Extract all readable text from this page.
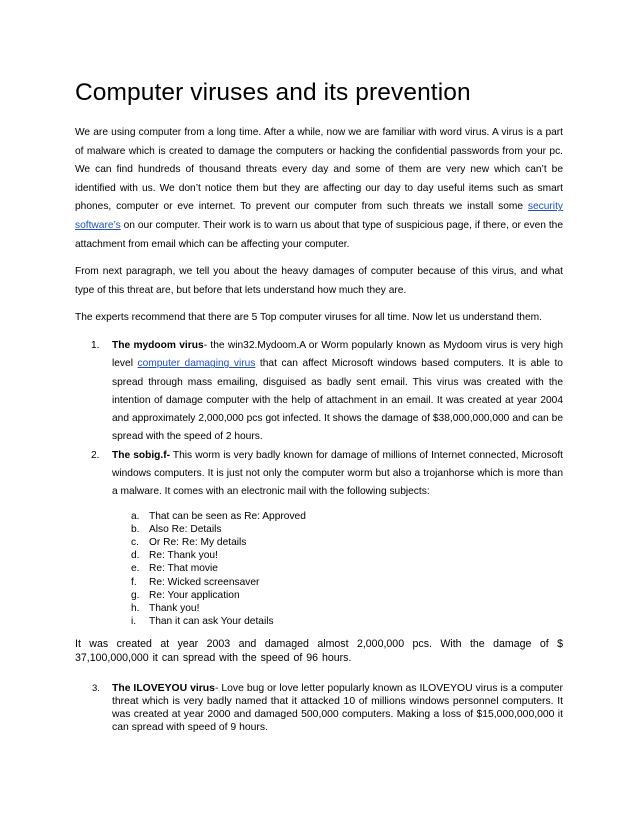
Computer viruses and its prevention

We are using computer from a long time. After a while, now we are familiar with word virus. A virus is a part of malware which is created to damage the computers or hacking the confidential passwords from your pc. We can find hundreds of thousand threats every day and some of them are very new which can’t be identified with us. We don’t notice them but they are affecting our day to day useful items such as smart phones, computer or eve internet. To prevent our computer from such threats we install some security software’s on our computer. Their work is to warn us about that type of suspicious page, if there, or even the attachment from email which can be affecting your computer.

From next paragraph, we tell you about the heavy damages of computer because of this virus, and what type of this threat are, but before that lets understand how much they are.

The experts recommend that there are 5 Top computer viruses for all time. Now let us understand them.

1. The mydoom virus- the win32.Mydoom.A or Worm popularly known as Mydoom virus is very high level computer damaging virus that can affect Microsoft windows based computers. It is able to spread through mass emailing, disguised as badly sent email. This virus was created with the intention of damage computer with the help of attachment in an email. It was created at year 2004 and approximately 2,000,000 pcs got infected. It shows the damage of $38,000,000,000 and can be spread with the speed of 2 hours.
2. The sobig.f- This worm is very badly known for damage of millions of Internet connected, Microsoft windows computers. It is just not only the computer worm but also a trojanhorse which is more than a malware. It comes with an electronic mail with the following subjects:
a. That can be seen as Re: Approved
b. Also Re: Details
c. Or Re: Re: My details
d. Re: Thank you!
e. Re: That movie
f. Re: Wicked screensaver
g. Re: Your application
h. Thank you!
i. Than it can ask Your details

It was created at year 2003 and damaged almost 2,000,000 pcs. With the damage of $ 37,100,000,000 it can spread with the speed of 96 hours.

3. The ILOVEYOU virus- Love bug or love letter popularly known as ILOVEYOU virus is a computer threat which is very badly named that it attacked 10 of millions windows personnel computers. It was created at year 2000 and damaged 500,000 computers. Making a loss of $15,000,000,000 it can spread with speed of 9 hours.
